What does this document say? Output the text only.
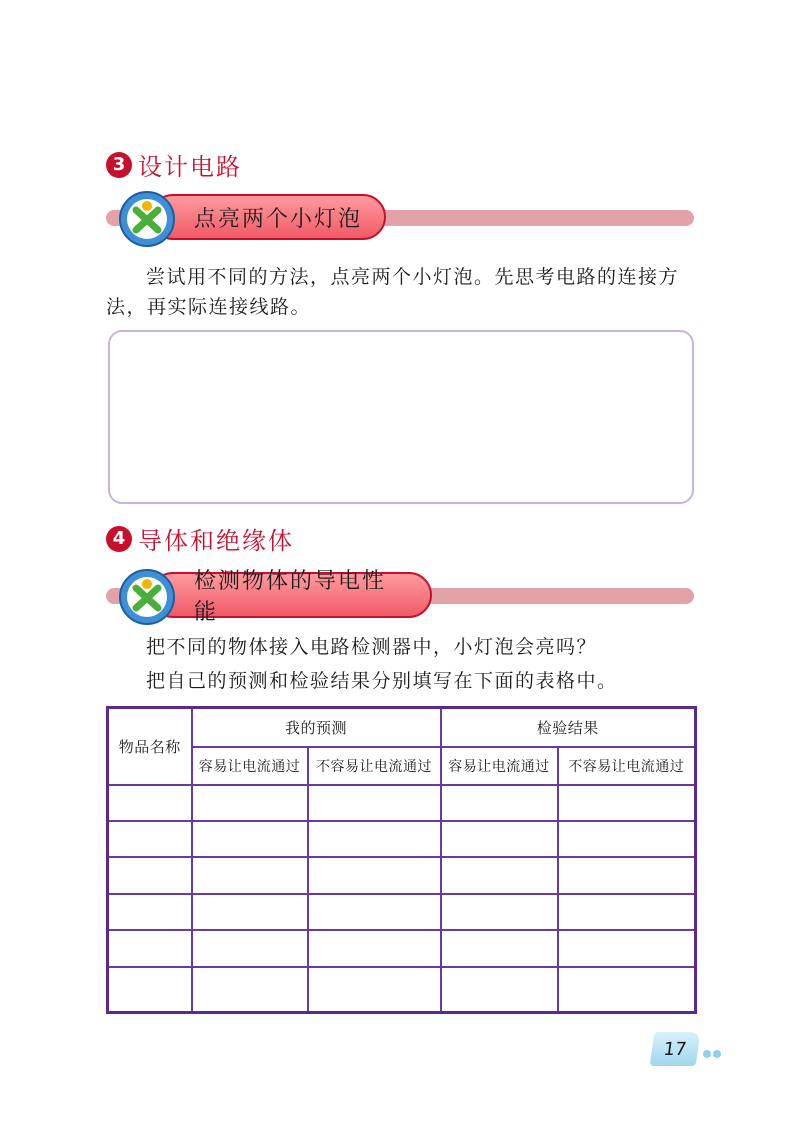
3 设计电路
点亮两个小灯泡
尝试用不同的方法，点亮两个小灯泡。先思考电路的连接方法，再实际连接线路。
4 导体和绝缘体
检测物体的导电性能
把不同的物体接入电路检测器中，小灯泡会亮吗？
把自己的预测和检验结果分别填写在下面的表格中。
物品名称	我的预测		检验结果	
	容易让电流通过	不容易让电流通过	容易让电流通过	不容易让电流通过

17
